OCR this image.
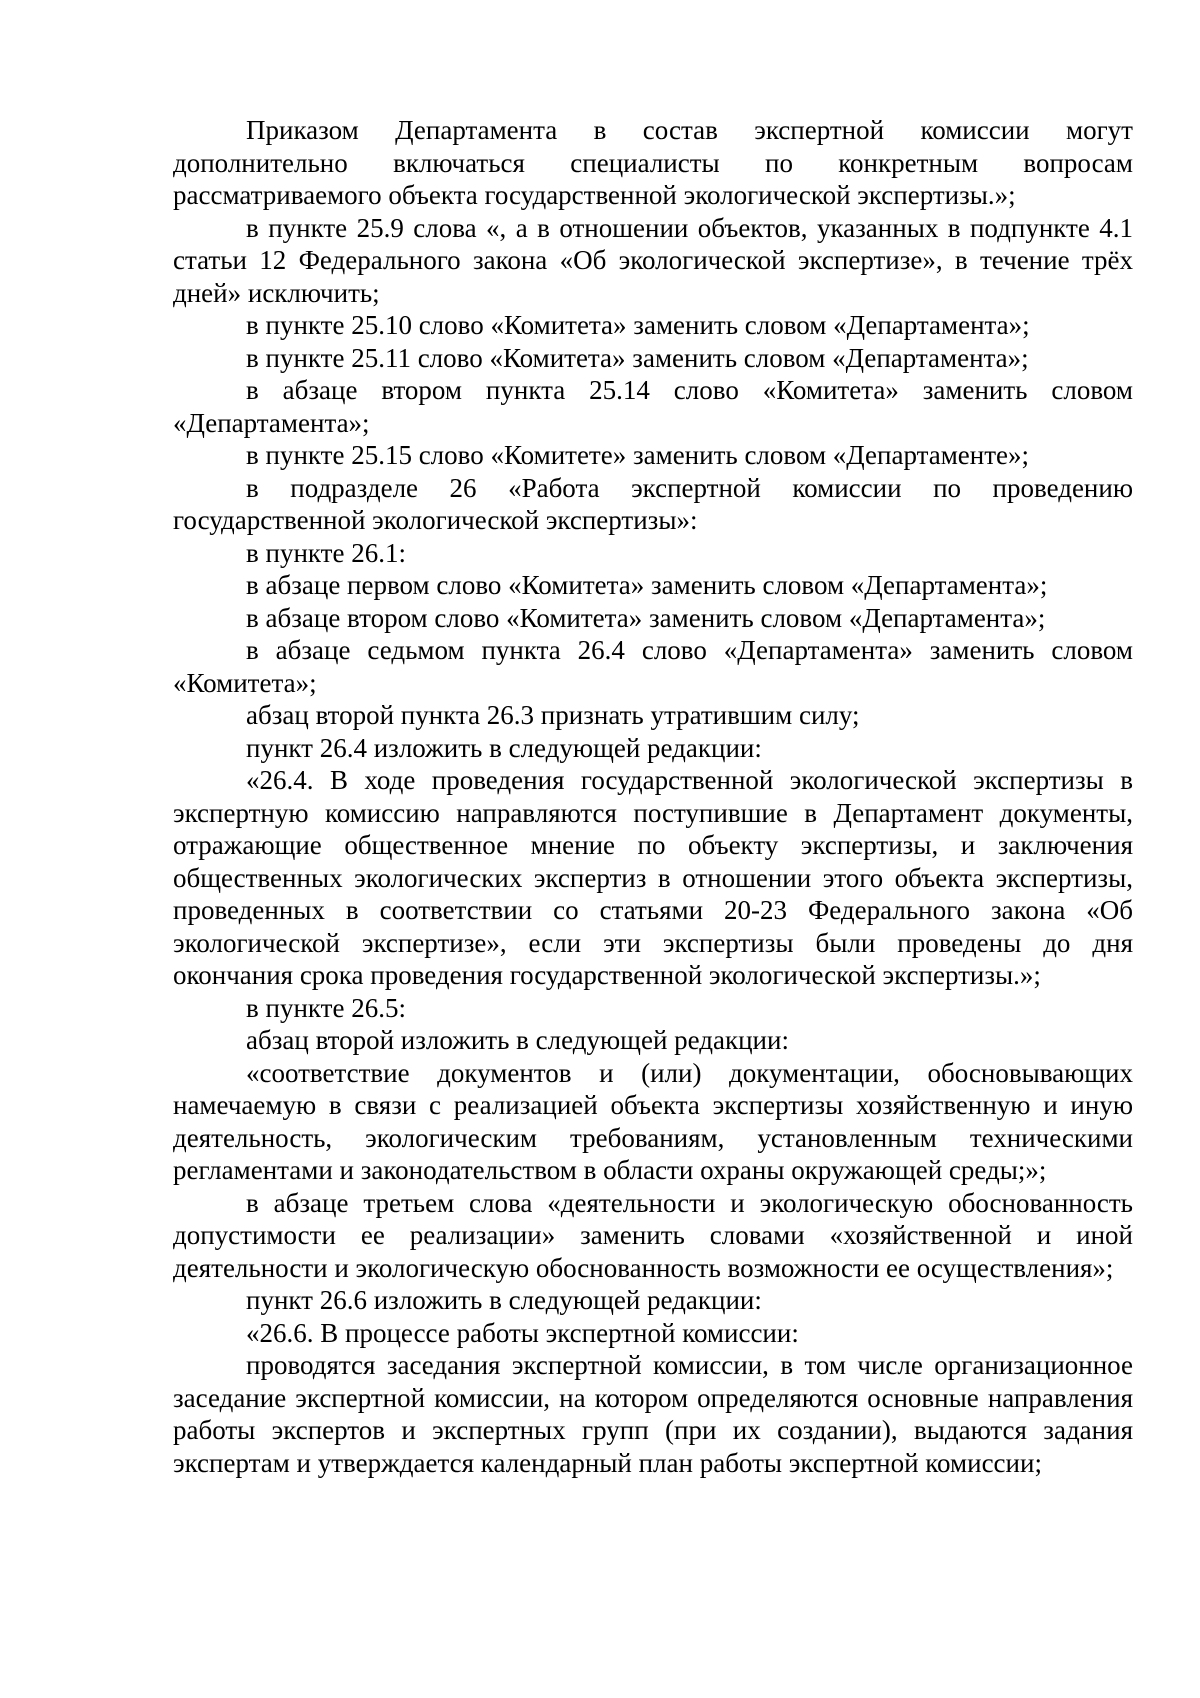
Приказом Департамента в состав экспертной комиссии могут дополнительно включаться специалисты по конкретным вопросам рассматриваемого объекта государственной экологической экспертизы.»;

в пункте 25.9 слова «, а в отношении объектов, указанных в подпункте 4.1 статьи 12 Федерального закона «Об экологической экспертизе», в течение трёх дней» исключить;

в пункте 25.10 слово «Комитета» заменить словом «Департамента»;

в пункте 25.11 слово «Комитета» заменить словом «Департамента»;

в абзаце втором пункта 25.14 слово «Комитета» заменить словом «Департамента»;

в пункте 25.15 слово «Комитете» заменить словом «Департаменте»;

в подразделе 26 «Работа экспертной комиссии по проведению государственной экологической экспертизы»:

в пункте 26.1:

в абзаце первом слово «Комитета» заменить словом «Департамента»;

в абзаце втором слово «Комитета» заменить словом «Департамента»;

в абзаце седьмом пункта 26.4 слово «Департамента» заменить словом «Комитета»;

абзац второй пункта 26.3 признать утратившим силу;

пункт 26.4 изложить в следующей редакции:

«26.4. В ходе проведения государственной экологической экспертизы в экспертную комиссию направляются поступившие в Департамент документы, отражающие общественное мнение по объекту экспертизы, и заключения общественных экологических экспертиз в отношении этого объекта экспертизы, проведенных в соответствии со статьями 20-23 Федерального закона «Об экологической экспертизе», если эти экспертизы были проведены до дня окончания срока проведения государственной экологической экспертизы.»;

в пункте 26.5:

абзац второй изложить в следующей редакции:

«соответствие документов и (или) документации, обосновывающих намечаемую в связи с реализацией объекта экспертизы хозяйственную и иную деятельность, экологическим требованиям, установленным техническими регламентами и законодательством в области охраны окружающей среды;»;

в абзаце третьем слова «деятельности и экологическую обоснованность допустимости ее реализации» заменить словами «хозяйственной и иной деятельности и экологическую обоснованность возможности ее осуществления»;

пункт 26.6 изложить в следующей редакции:

«26.6. В процессе работы экспертной комиссии:

проводятся заседания экспертной комиссии, в том числе организационное заседание экспертной комиссии, на котором определяются основные направления работы экспертов и экспертных групп (при их создании), выдаются задания экспертам и утверждается календарный план работы экспертной комиссии;
